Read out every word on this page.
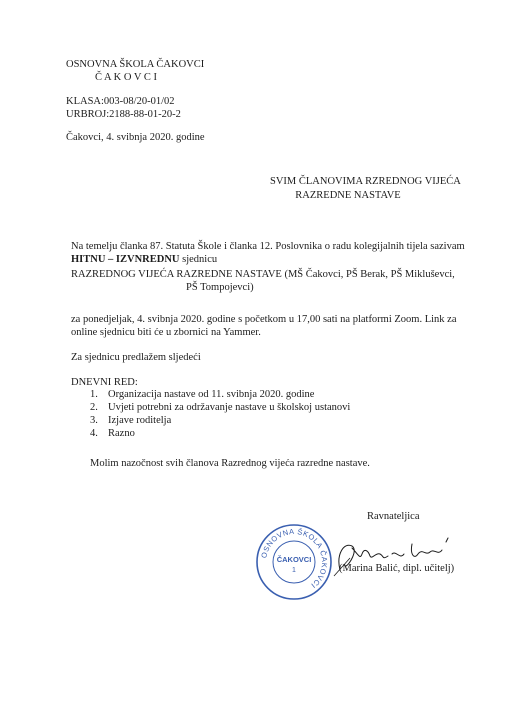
OSNOVNA ŠKOLA ČAKOVCI
Č A K O V C I
KLASA:003-08/20-01/02
URBROJ:2188-88-01-20-2
Čakovci, 4. svibnja 2020. godine
SVIM ČLANOVIMA RZREDNOG VIJEĆA
RAZREDNE NASTAVE
Na temelju članka 87. Statuta Škole i članka 12. Poslovnika o radu kolegijalnih tijela sazivam
HITNU – IZVNREDNU sjednicu
RAZREDNOG VIJEĆA RAZREDNE NASTAVE (MŠ Čakovci, PŠ Berak, PŠ Mikluševci,
PŠ Tompojevci)
za ponedjeljak, 4. svibnja 2020. godine s početkom u 17,00 sati na platformi Zoom. Link za
online sjednicu biti će u zbornici na Yammer.
Za sjednicu predlažem sljedeći
DNEVNI RED:
1. Organizacija nastave od 11. svibnja 2020. godine
2. Uvjeti potrebni za održavanje nastave u školskoj ustanovi
3. Izjave roditelja
4. Razno
Molim nazočnost svih članova Razrednog vijeća razredne nastave.
Ravnateljica
OSNOVNA ŠKOLA ČAKOVCI
ČAKOVCI
1	(Marina Balić, dipl. učitelj)
